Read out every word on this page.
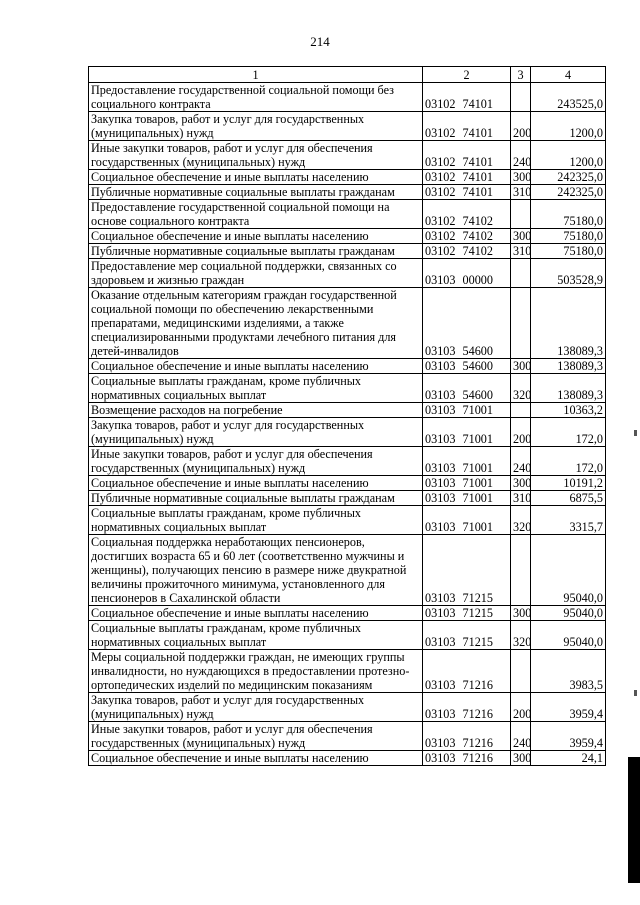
214
1	2	3	4
Предоставление государственной социальной помощи без социального контракта	03102 74101		243525,0
Закупка товаров, работ и услуг для государственных (муниципальных) нужд	03102 74101	200	1200,0
Иные закупки товаров, работ и услуг для обеспечения государственных (муниципальных) нужд	03102 74101	240	1200,0
Социальное обеспечение и иные выплаты населению	03102 74101	300	242325,0
Публичные нормативные социальные выплаты гражданам	03102 74101	310	242325,0
Предоставление государственной социальной помощи на основе социального контракта	03102 74102		75180,0
Социальное обеспечение и иные выплаты населению	03102 74102	300	75180,0
Публичные нормативные социальные выплаты гражданам	03102 74102	310	75180,0
Предоставление мер социальной поддержки, связанных со здоровьем и жизнью граждан	03103 00000		503528,9
Оказание отдельным категориям граждан государственной социальной помощи по обеспечению лекарственными препаратами, медицинскими изделиями, а также специализированными продуктами лечебного питания для детей-инвалидов	03103 54600		138089,3
Социальное обеспечение и иные выплаты населению	03103 54600	300	138089,3
Социальные выплаты гражданам, кроме публичных нормативных социальных выплат	03103 54600	320	138089,3
Возмещение расходов на погребение	03103 71001		10363,2
Закупка товаров, работ и услуг для государственных (муниципальных) нужд	03103 71001	200	172,0
Иные закупки товаров, работ и услуг для обеспечения государственных (муниципальных) нужд	03103 71001	240	172,0
Социальное обеспечение и иные выплаты населению	03103 71001	300	10191,2
Публичные нормативные социальные выплаты гражданам	03103 71001	310	6875,5
Социальные выплаты гражданам, кроме публичных нормативных социальных выплат	03103 71001	320	3315,7
Социальная поддержка неработающих пенсионеров, достигших возраста 65 и 60 лет (соответственно мужчины и женщины), получающих пенсию в размере ниже двукратной величины прожиточного минимума, установленного для пенсионеров в Сахалинской области	03103 71215		95040,0
Социальное обеспечение и иные выплаты населению	03103 71215	300	95040,0
Социальные выплаты гражданам, кроме публичных нормативных социальных выплат	03103 71215	320	95040,0
Меры социальной поддержки граждан, не имеющих группы инвалидности, но нуждающихся в предоставлении протезно-ортопедических изделий по медицинским показаниям	03103 71216		3983,5
Закупка товаров, работ и услуг для государственных (муниципальных) нужд	03103 71216	200	3959,4
Иные закупки товаров, работ и услуг для обеспечения государственных (муниципальных) нужд	03103 71216	240	3959,4
Социальное обеспечение и иные выплаты населению	03103 71216	300	24,1
